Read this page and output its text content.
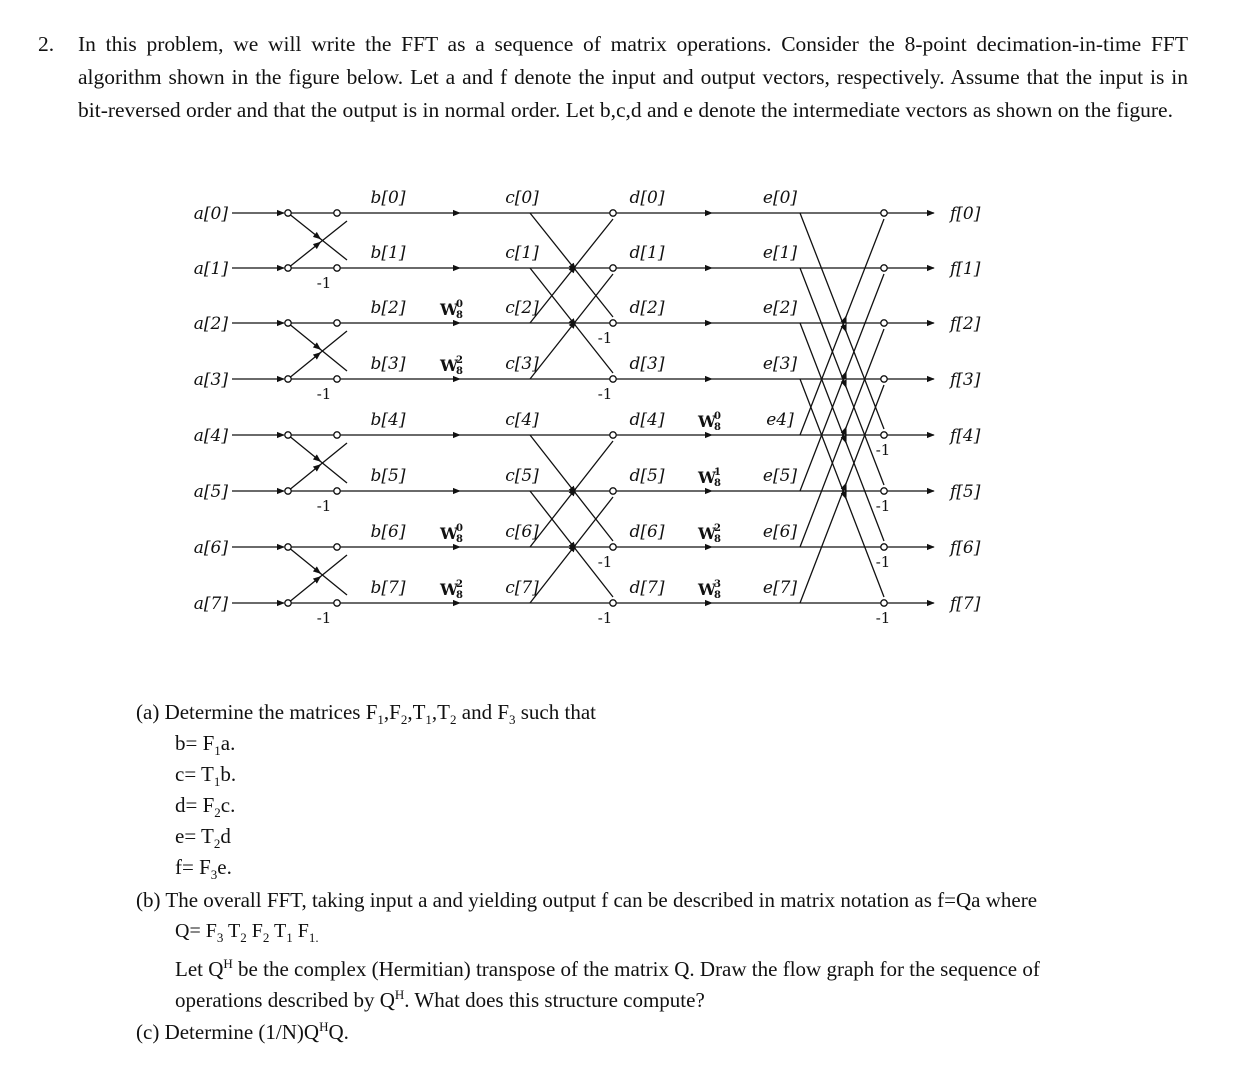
2. In this problem, we will write the FFT as a sequence of matrix operations. Consider the 8-point decimation-in-time FFT algorithm shown in the figure below. Let a and f denote the input and output vectors, respectively. Assume that the input is in bit-reversed order and that the output is in normal order. Let b,c,d and e denote the intermediate vectors as shown on the figure.
-1
-1
-1
-1
-1
-1
-1
-1
-1
-1
-1
-1
a[0]
b[0]	c[0]	d[0]	e[0]
f[0]
a[1]
b[1]	c[1]	d[1]	e[1]
f[1]
a[2]
b[2]	c[2]	d[2]	e[2]
f[2]
a[3]
b[3]	c[3]	d[3]	e[3]
f[3]
a[4]
b[4]	c[4]	d[4]	e4]
f[4]
a[5]
b[5]	c[5]	d[5]	e[5]
f[5]
a[6]
b[6]	c[6]	d[6]	e[6]
f[6]
a[7]
b[7]	c[7]	d[7]	e[7]
f[7]
W
0
8
W
2
8
W
0
8
W
2
8
W
0
8
W
1
8
W
2
8
W
3
8
(a) Determine the matrices $F_1,F_2,T_1,T_2$ and $F_3$ such that
$b= F_1a$.
$c= T_1b$.
$d= F_2c$.
$e= T_2d$
$f= F_3e$.
(b) The overall FFT, taking input a and yielding output f can be described in matrix notation as f=Qa where
$Q= F_3$ $T_2$ $F_2$ $T_1$ $F_{1.}$
Let $Q^H$ be the complex (Hermitian) transpose of the matrix Q. Draw the flow graph for the sequence of
operations described by $Q^H$. What does this structure compute?
(c) Determine $(1/N)Q^HQ$.
